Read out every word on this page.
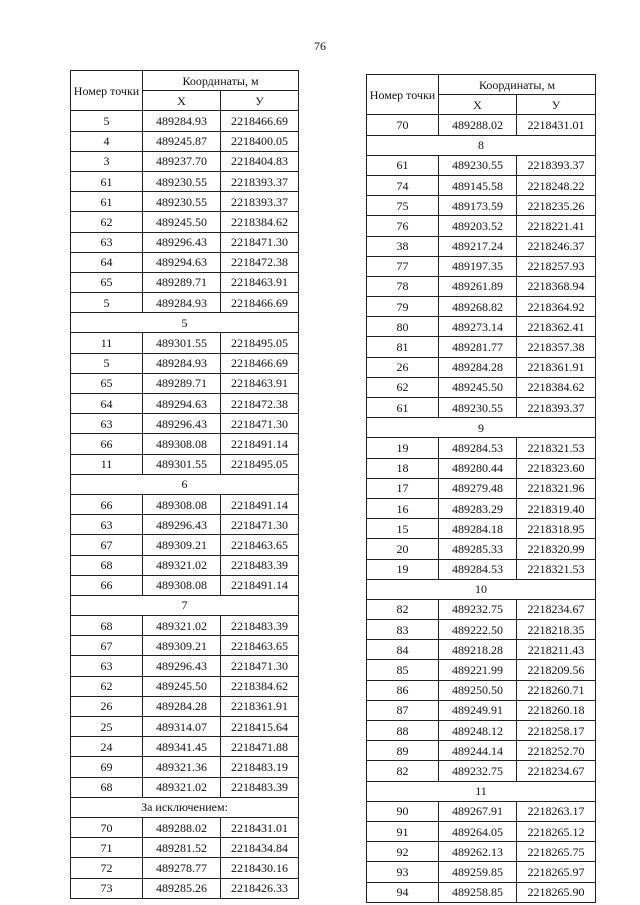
76
Номер точки	Координаты, м	
	X	У
5	489284.93	2218466.69
4	489245.87	2218400.05
3	489237.70	2218404.83
61	489230.55	2218393.37
61	489230.55	2218393.37
62	489245.50	2218384.62
63	489296.43	2218471.30
64	489294.63	2218472.38
65	489289.71	2218463.91
5	489284.93	2218466.69
5		
11	489301.55	2218495.05
5	489284.93	2218466.69
65	489289.71	2218463.91
64	489294.63	2218472.38
63	489296.43	2218471.30
66	489308.08	2218491.14
11	489301.55	2218495.05
6		
66	489308.08	2218491.14
63	489296.43	2218471.30
67	489309.21	2218463.65
68	489321.02	2218483.39
66	489308.08	2218491.14
7		
68	489321.02	2218483.39
67	489309.21	2218463.65
63	489296.43	2218471.30
62	489245.50	2218384.62
26	489284.28	2218361.91
25	489314.07	2218415.64
24	489341.45	2218471.88
69	489321.36	2218483.19
68	489321.02	2218483.39
За исключением:		
70	489288.02	2218431.01
71	489281.52	2218434.84
72	489278.77	2218430.16
73	489285.26	2218426.33
Номер точки	Координаты, м	
	X	У
70	489288.02	2218431.01
8		
61	489230.55	2218393.37
74	489145.58	2218248.22
75	489173.59	2218235.26
76	489203.52	2218221.41
38	489217.24	2218246.37
77	489197.35	2218257.93
78	489261.89	2218368.94
79	489268.82	2218364.92
80	489273.14	2218362.41
81	489281.77	2218357.38
26	489284.28	2218361.91
62	489245.50	2218384.62
61	489230.55	2218393.37
9		
19	489284.53	2218321.53
18	489280.44	2218323.60
17	489279.48	2218321.96
16	489283.29	2218319.40
15	489284.18	2218318.95
20	489285.33	2218320.99
19	489284.53	2218321.53
10		
82	489232.75	2218234.67
83	489222.50	2218218.35
84	489218.28	2218211.43
85	489221.99	2218209.56
86	489250.50	2218260.71
87	489249.91	2218260.18
88	489248.12	2218258.17
89	489244.14	2218252.70
82	489232.75	2218234.67
11		
90	489267.91	2218263.17
91	489264.05	2218265.12
92	489262.13	2218265.75
93	489259.85	2218265.97
94	489258.85	2218265.90
